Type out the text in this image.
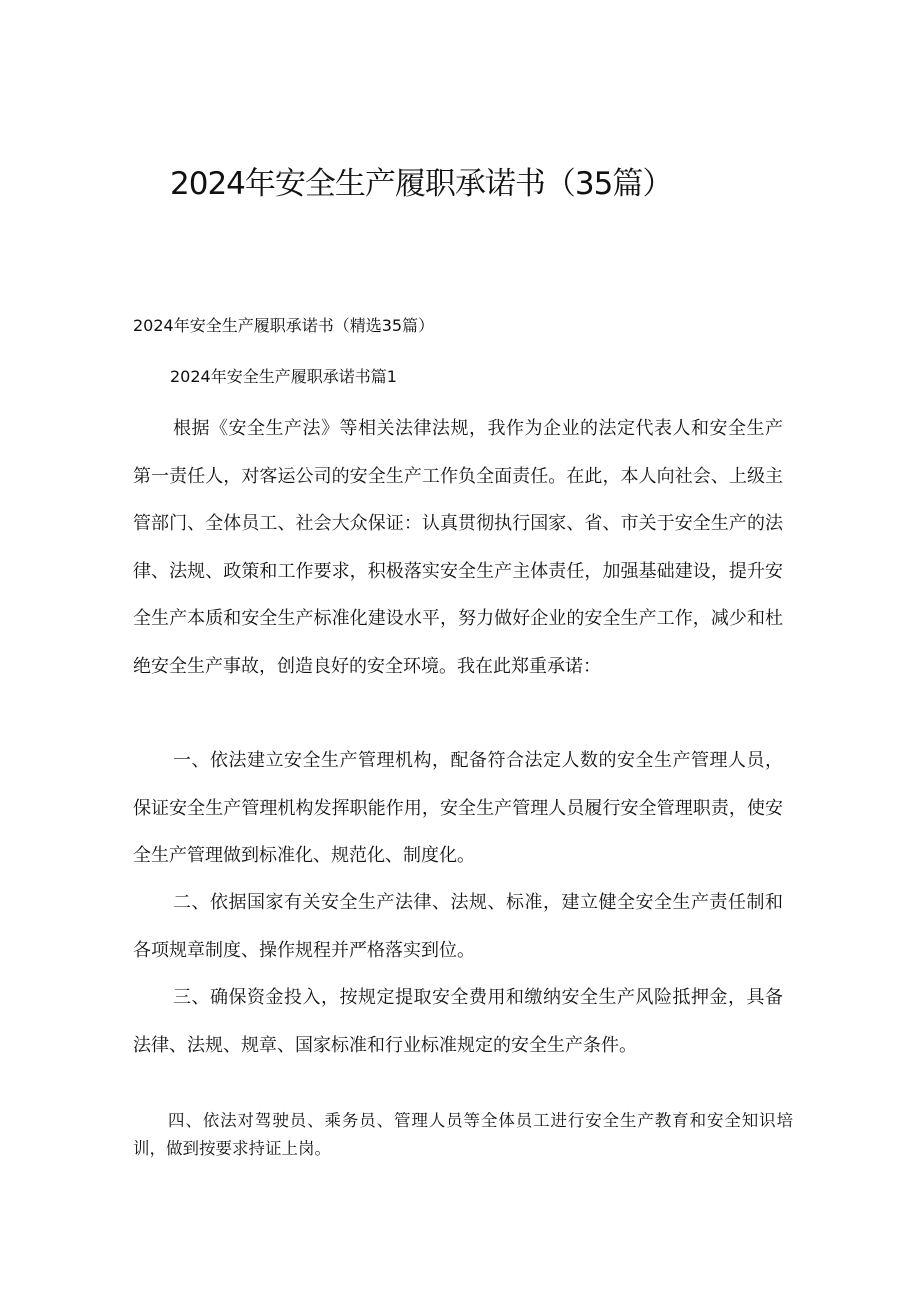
2024年安全生产履职承诺书（35篇）
2024年安全生产履职承诺书（精选35篇）
2024年安全生产履职承诺书篇1

根据《安全生产法》等相关法律法规，我作为企业的法定代表人和安全生产第一责任人，对客运公司的安全生产工作负全面责任。在此，本人向社会、上级主管部门、全体员工、社会大众保证：认真贯彻执行国家、省、市关于安全生产的法律、法规、政策和工作要求，积极落实安全生产主体责任，加强基础建设，提升安全生产本质和安全生产标准化建设水平，努力做好企业的安全生产工作，减少和杜绝安全生产事故，创造良好的安全环境。我在此郑重承诺：

一、依法建立安全生产管理机构，配备符合法定人数的安全生产管理人员，保证安全生产管理机构发挥职能作用，安全生产管理人员履行安全管理职责，使安全生产管理做到标准化、规范化、制度化。

二、依据国家有关安全生产法律、法规、标准，建立健全安全生产责任制和各项规章制度、操作规程并严格落实到位。

三、确保资金投入，按规定提取安全费用和缴纳安全生产风险抵押金，具备法律、法规、规章、国家标准和行业标准规定的安全生产条件。

四、依法对驾驶员、乘务员、管理人员等全体员工进行安全生产教育和安全知识培训，做到按要求持证上岗。
